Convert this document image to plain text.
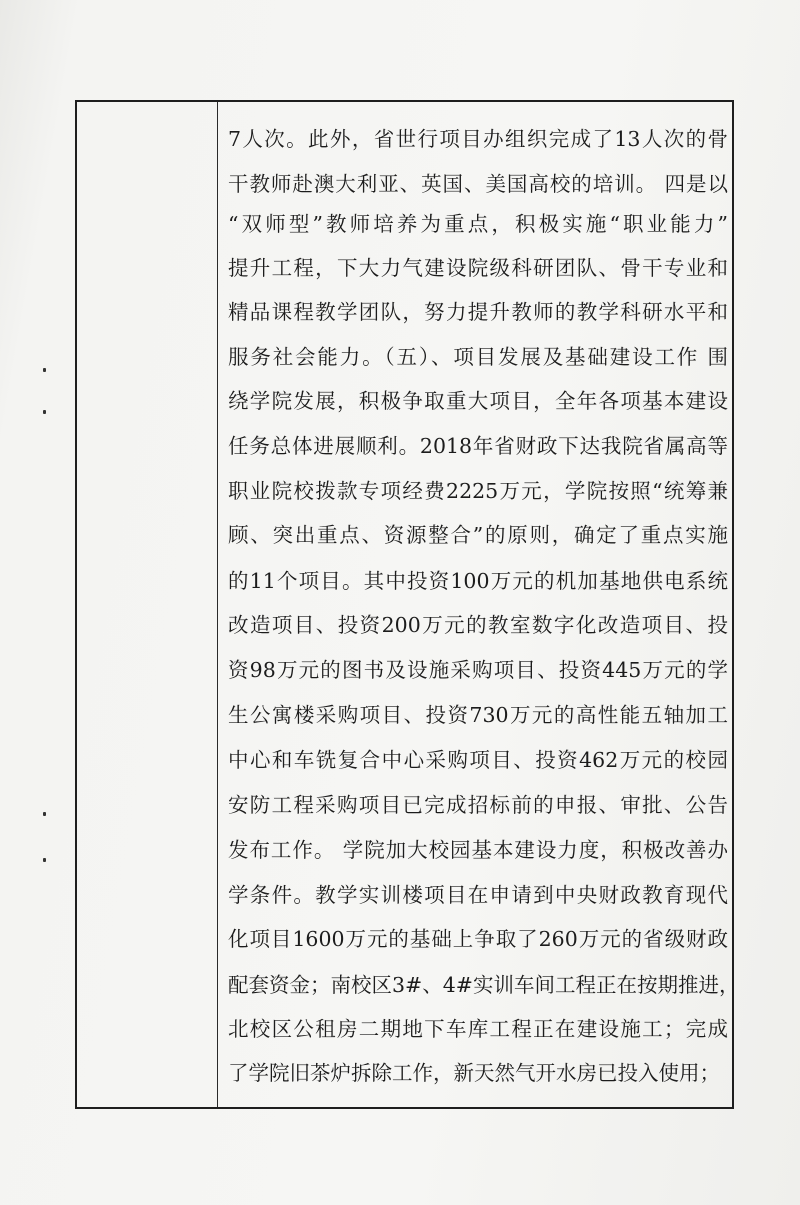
7人次。此外，省世行项目办组织完成了13人次的骨
干教师赴澳大利亚、英国、美国高校的培训。 四是以
“双师型”教师培养为重点，积极实施“职业能力”
提升工程，下大力气建设院级科研团队、骨干专业和
精品课程教学团队，努力提升教师的教学科研水平和
服务社会能力。（五）、项目发展及基础建设工作 围
绕学院发展，积极争取重大项目，全年各项基本建设
任务总体进展顺利。2018年省财政下达我院省属高等
职业院校拨款专项经费2225万元，学院按照“统筹兼
顾、突出重点、资源整合”的原则，确定了重点实施
的11个项目。其中投资100万元的机加基地供电系统
改造项目、投资200万元的教室数字化改造项目、投
资98万元的图书及设施采购项目、投资445万元的学
生公寓楼采购项目、投资730万元的高性能五轴加工
中心和车铣复合中心采购项目、投资462万元的校园
安防工程采购项目已完成招标前的申报、审批、公告
发布工作。 学院加大校园基本建设力度，积极改善办
学条件。教学实训楼项目在申请到中央财政教育现代
化项目1600万元的基础上争取了260万元的省级财政
配套资金；南校区3#、4#实训车间工程正在按期推进，
北校区公租房二期地下车库工程正在建设施工；完成
了学院旧茶炉拆除工作，新天然气开水房已投入使用；
